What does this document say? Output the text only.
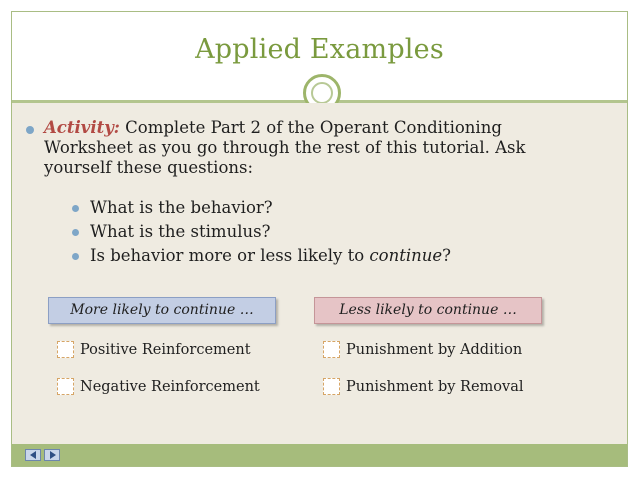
Applied Examples
Activity: Complete Part 2 of the Operant Conditioning
Worksheet as you go through the rest of this tutorial. Ask
yourself these questions:
What is the behavior?
What is the stimulus?
Is behavior more or less likely to continue?
More likely to continue …	Less likely to continue …
Positive Reinforcement
Negative Reinforcement
Punishment by Addition
Punishment by Removal
